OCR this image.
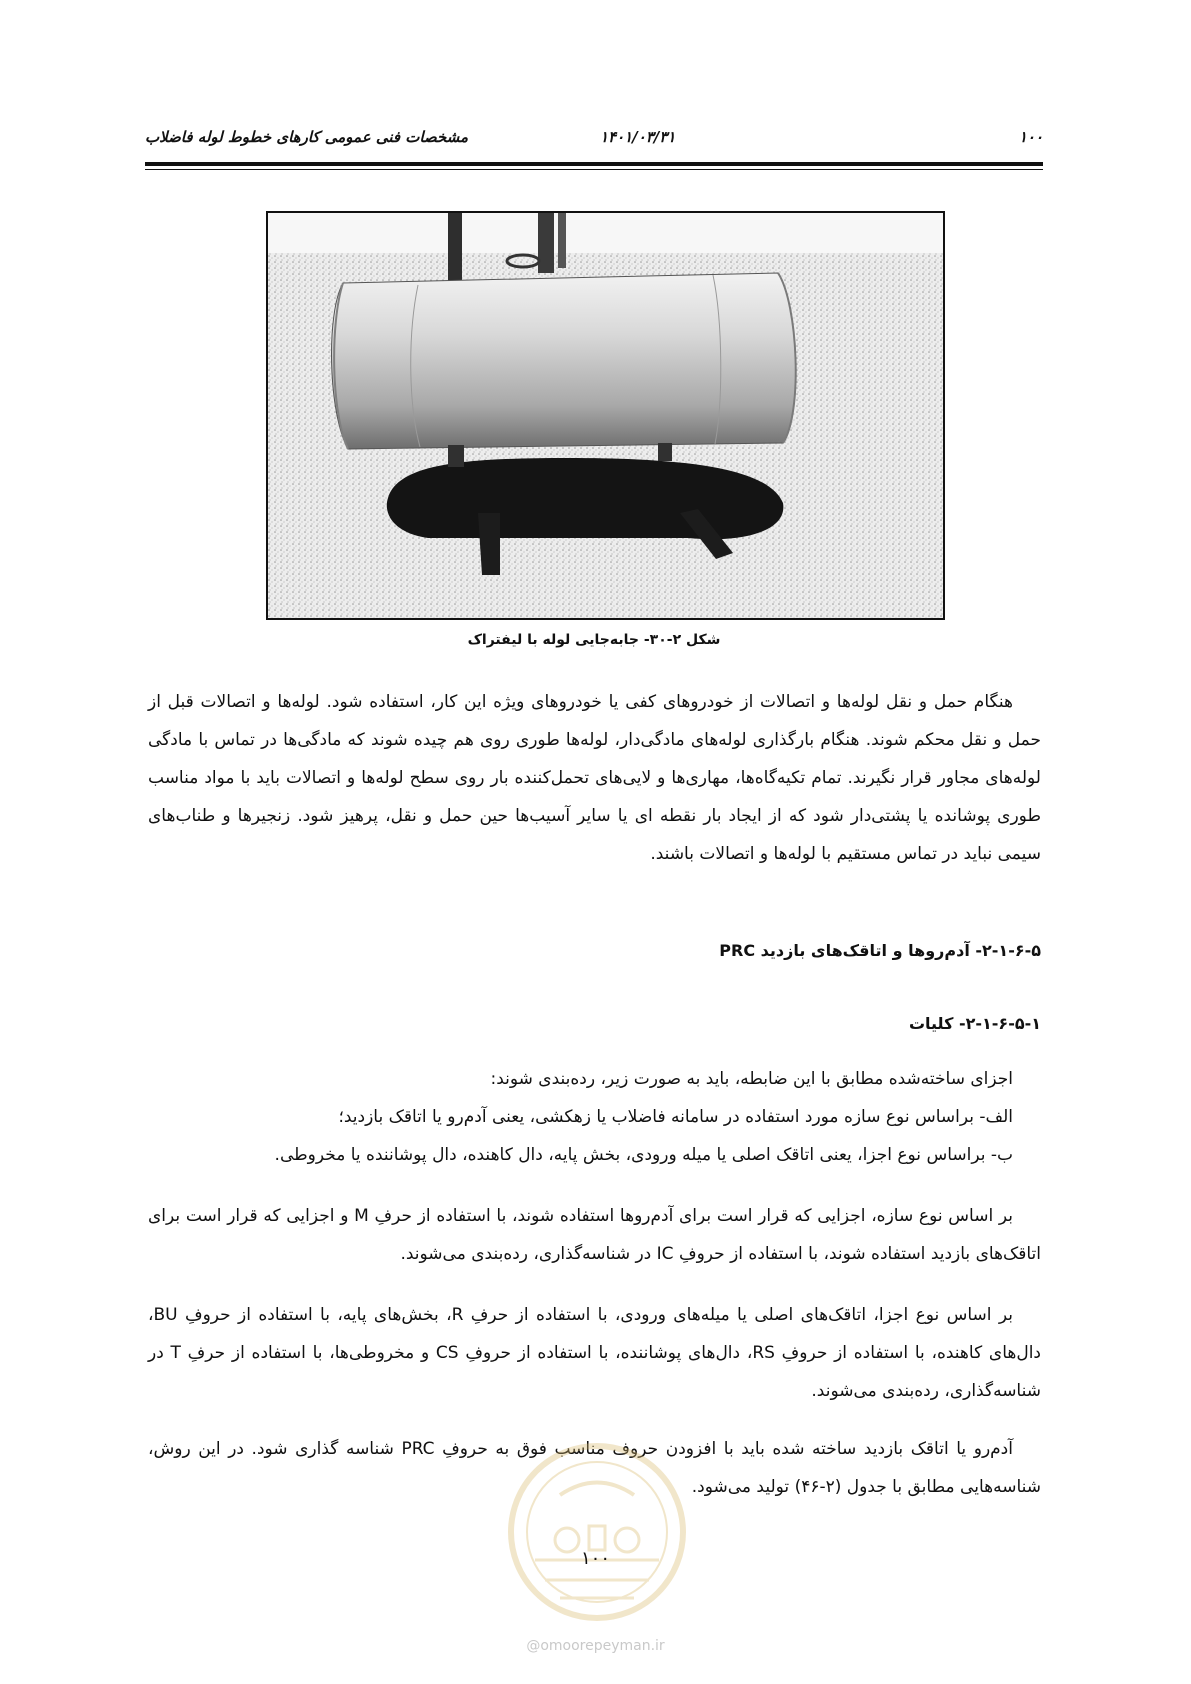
۱۰۰
۱۴۰۱/۰۳/۳۱
مشخصات فنی عمومی کارهای خطوط لوله فاضلاب
شکل ۲-۳۰- جابه‌جایی لوله با لیفتراک
هنگام حمل و نقل لوله‌ها و اتصالات از خودروهای کفی یا خودروهای ویژه این کار، استفاده شود. لوله‌ها و اتصالات قبل از حمل و نقل محکم شوند. هنگام بارگذاری لوله‌های مادگی‌دار، لوله‌ها طوری روی هم چیده شوند که مادگی‌ها در تماس با مادگی لوله‌های مجاور قرار نگیرند. تمام تکیه‌گاه‌ها، مهاری‌ها و لایی‌های تحمل‌کننده بار روی سطح لوله‌ها و اتصالات باید با مواد مناسب طوری پوشانده یا پشتی‌دار شود که از ایجاد بار نقطه ای یا سایر آسیب‌ها حین حمل و نقل، پرهیز شود. زنجیرها و طناب‌های سیمی نباید در تماس مستقیم با لوله‌ها و اتصالات باشند.
۲-۱-۶-۵- آدم‌روها و اتاقک‌های بازدید PRC
۲-۱-۶-۵-۱- کلیات
اجزای ساخته‌شده مطابق با این ضابطه، باید به صورت زیر، رده‌بندی شوند:
الف- براساس نوع سازه مورد استفاده در سامانه فاضلاب یا زهکشی، یعنی آدم‌رو یا اتاقک بازدید؛
ب- براساس نوع اجزا، یعنی اتاقک اصلی یا میله ورودی، بخش پایه، دال کاهنده، دال پوشاننده یا مخروطی.
بر اساس نوع سازه، اجزایی که قرار است برای آدم‌روها استفاده شوند، با استفاده از حرفِ M و اجزایی که قرار است برای اتاقک‌های بازدید استفاده شوند، با استفاده از حروفِ IC در شناسه‌گذاری، رده‌بندی می‌شوند.
بر اساس نوع اجزا، اتاقک‌های اصلی یا میله‌های ورودی، با استفاده از حرفِ R، بخش‌های پایه، با استفاده از حروفِ BU، دال‌های کاهنده، با استفاده از حروفِ RS، دال‌های پوشاننده، با استفاده از حروفِ CS و مخروطی‌ها، با استفاده از حرفِ T در شناسه‌گذاری، رده‌بندی می‌شوند.
آدم‌رو یا اتاقک بازدید ساخته شده باید با افزودن حروف مناسب فوق به حروفِ PRC شناسه گذاری شود. در این روش، شناسه‌هایی مطابق با جدول (۲-۴۶) تولید می‌شود.
۱۰۰
@omoorepeyman.ir
